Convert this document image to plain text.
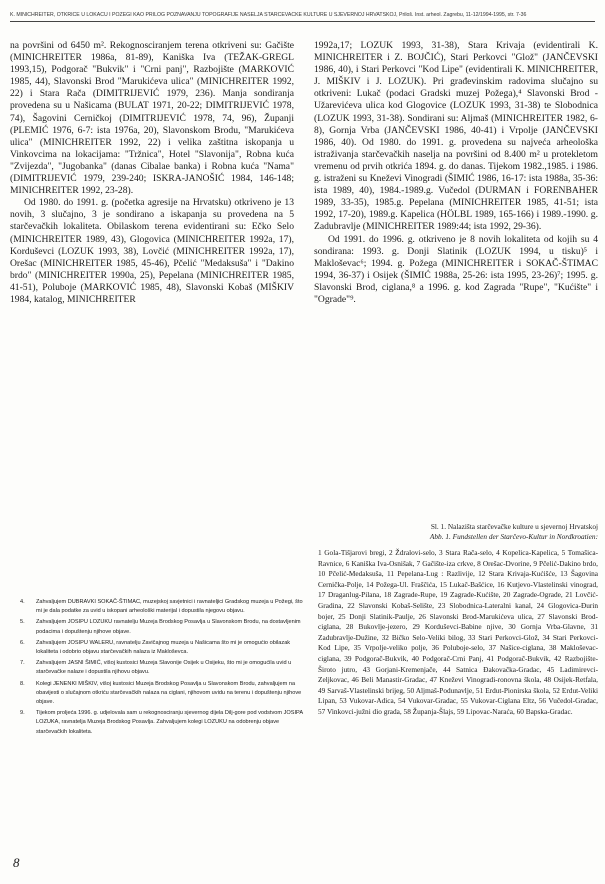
K. MINICHREITER, OTKRIĆE U LOKAČU I POŽEGI KAO PRILOG POZNAVANJU TOPOGRAFIJE NASELJA STARČEVAČKE KULTURE U SJEVERNOJ HRVATSKOJ, Priloš. Inst. arheol. Zagrebu, 11-12/1994-1995, str. 7-36

na površini od 6450 m². Rekognosciranjem terena otkriveni su: Gačište (MINICHREITER 1986a, 81-89), Kaniška Iva (TEŽAK-GREGL 1993,15), Podgorač "Bukvik" i "Crni panj", Razbojište (MARKOVIĆ 1985, 44), Slavonski Brod "Marukićeva ulica" (MINICHREITER 1992, 22) i Stara Rača (DIMITRIJEVIĆ 1979, 236). Manja sondiranja provedena su u Našicama (BULAT 1971, 20-22; DIMITRIJEVIĆ 1978, 74), Šagovini Cerničkoj (DIMITRIJEVIĆ 1978, 74, 96), Županji (PLEMIĆ 1976, 6-7: ista 1976a, 20), Slavonskom Brodu, "Marukićeva ulica" (MINICHREITER 1992, 22) i velika zaštitna iskopanja u Vinkovcima na lokacijama: "Tržnica", Hotel "Slavonija", Robna kuća "Zvijezda", "Jugobanka" (danas Cibalae banka) i Robna kuća "Nama" (DIMITRIJEVIĆ 1979, 239-240; ISKRA-JANOŠIĆ 1984, 146-148; MINICHREITER 1992, 23-28).

Od 1980. do 1991. g. (početka agresije na Hrvatsku) otkriveno je 13 novih, 3 slučajno, 3 je sondirano a iskapanja su provedena na 5 starčevačkih lokaliteta. Obilaskom terena evidentirani su: Ečko Selo (MINICHREITER 1989, 43), Glogovica (MINICHREITER 1992a, 17), Korduševci (LOZUK 1993, 38), Lovčić (MINICHREITER 1992a, 17), Orešac (MINICHREITER 1985, 45-46), Pčelić "Medaksuša" i "Dakino brdo" (MINICHREITER 1990a, 25), Pepelana (MINICHREITER 1985, 41-51), Poluboje (MARKOVIĆ 1985, 48), Slavonski Kobaš (MIŠKIV 1984, katalog, MINICHREITER

1992a,17; LOZUK 1993, 31-38), Stara Krivaja (evidentirali K. MINICHREITER i Z. BOJČIĆ), Stari Perkovci "Glož" (JANČEVSKI 1986, 40), i Stari Perkovci "Kod Lipe" (evidentirali K. MINICHREITER, J. MIŠKIV i J. LOZUK). Pri građevinskim radovima slučajno su otkriveni: Lukač (podaci Gradski muzej Požega),⁴ Slavonski Brod - Užarevićeva ulica kod Glogovice (LOZUK 1993, 31-38) te Slobodnica (LOZUK 1993, 31-38). Sondirani su: Aljmaš (MINICHREITER 1982, 6-8), Gornja Vrba (JANČEVSKI 1986, 40-41) i Vrpolje (JANČEVSKI 1986, 40). Od 1980. do 1991. g. provedena su najveća arheološka istraživanja starčevačkih naselja na površini od 8.400 m² u protekletom vremenu od prvih otkrića 1894. g. do danas. Tijekom 1982.,1985. i 1986. g. istraženi su Kneževi Vinogradi (ŠIMIĆ 1986, 16-17: ista 1988a, 35-36: ista 1989, 40), 1984.-1989.g. Vučedol (DURMAN i FORENBAHER 1989, 33-35), 1985.g. Pepelana (MINICHREITER 1985, 41-51; ista 1992, 17-20), 1989.g. Kapelica (HÖLBL 1989, 165-166) i 1989.-1990. g. Zadubravlje (MINICHREITER 1989:44; ista 1992, 29-36).

Od 1991. do 1996. g. otkriveno je 8 novih lokaliteta od kojih su 4 sondirana: 1993. g. Donji Slatinik (LOZUK 1994, u tisku)⁵ i Makloševac⁶; 1994. g. Požega (MINICHREITER i SOKAČ-ŠTIMAC 1994, 36-37) i Osijek (ŠIMIĆ 1988a, 25-26: ista 1995, 23-26)⁷; 1995. g. Slavonski Brod, ciglana,⁸ a 1996. g. kod Zagrada "Rupe", "Kućište" i "Ograde"⁹.

Sl. 1. Nalazišta starčevačke kulture u sjevernoj Hrvatskoj
Abb. 1. Fundstellen der Starčevo-Kultur in Nordkroatien:
1 Gola-Tišjarovi bregi, 2 Ždralovi-selo, 3 Stara Rača-selo, 4 Kopelica-Kapelica, 5 Tomašica-Ravnice, 6 Kaniška Iva-Osnišak, 7 Gačište-iza crkve, 8 Orešac-Dvorine, 9 Pčelić-Dakino brdo, 10 Pčelić-Medaksuša, 11 Pepelana-Lug : Razlivije, 12 Stara Krivaja-Kućišće, 13 Šagovina Cernička-Polje, 14 Požega-Ul. Fraščića, 15 Lukač-Bašćice, 16 Kutjevo-Vlastelinski vinograd, 17 Draganlug-Pilana, 18 Zagrade-Rupe, 19 Zagrade-Kućište, 20 Zagrade-Ograde, 21 Lovčić-Gradina, 22 Slavonski Kobaš-Selište, 23 Slobodnica-Lateralni kanal, 24 Glogovica-Đurin bojer, 25 Donji Slatinik-Paulje, 26 Slavonski Brod-Marukićeva ulica, 27 Slavonski Brod-ciglana, 28 Bukovlje-jezero, 29 Korduševci-Babine njive, 30 Gornja Vrba-Glavne, 31 Zadubravlje-Dužine, 32 Bičko Selo-Veliki bilog, 33 Stari Perkovci-Glož, 34 Stari Perkovci-Kod Lipe, 35 Vrpolje-veliko polje, 36 Poluboje-selo, 37 Našice-ciglana, 38 Makloševac-ciglana, 39 Podgorač-Bukvik, 40 Podgorač-Crni Panj, 41 Podgorač-Bukvik, 42 Razbojište-Široto jutro, 43 Gorjani-Kremenjače, 44 Satnica Đakovačka-Gradac, 45 Ladimirevci-Zeljkovac, 46 Beli Manastir-Gradac, 47 Kneževi Vinogradi-ronovna škola, 48 Osijek-Retfala, 49 Sarvaš-Vlastelinski brijeg, 50 Aljmaš-Podunavlje, 51 Erdut-Pionirska škola, 52 Erdut-Veliki Lipan, 53 Vukovar-Adica, 54 Vukovar-Gradac, 55 Vukovar-Ciglana Eltz, 56 Vučedol-Gradac, 57 Vinkovci-južni dio grada, 58 Županja-Šlajs, 59 Lipovac-Naraća, 60 Bapska-Gradac.
4.	Zahvaljujem DUBRAVKI SOKAČ-ŠTIMAC, muzejskoj savjetnici i ravnateljici Gradskog muzeja u Požegi, što mi je dala podatke za uvid u iskopani arheološki materijal i dopustila njegovu objavu.
5.	Zahvaljujem JOSIPU LOZUKU ravnatelju Muzeja Brodskog Posavlja u Slavonskom Brodu, na dostavljenim podacima i dopuštenju njihove objave.
6.	Zahvaljujem JOSIPU WALERU, ravnatelju Zavičajnog muzeja u Našicama što mi je omogućio obilazak lokaliteta i odobrio objavu starčevačkih nalaza iz Makloševca.
7.	Zahvaljujem JASNI ŠIMIĆ, višoj kustosici Muzeja Slavonije Osijek u Osijeku, što mi je omogućila uvid u starčevačke nalaze i dopustila njihovu objavu.
8.	Kolegi JENENKI MIŠKIV, višoj kustosici Muzeja Brodskog Posavlja u Slavonskom Brodu, zahvaljujem na obavijesti o slučajnom otkriću starčevačkih nalaza na ciglani, njihovom uvidu na terenu i dopuštenju njihove objave.
9.	Tijekom proljeća 1996. g. udjelovala sam u rekognosciranju sjevernog dijela Dilj-gore pod vodstvom JOSIPA LOZUKA, ravnatelja Muzeja Brodskog Posavlja. Zahvaljujem kolegi LOZUKU na odobrenju objave starčevačkih lokaliteta.
8
